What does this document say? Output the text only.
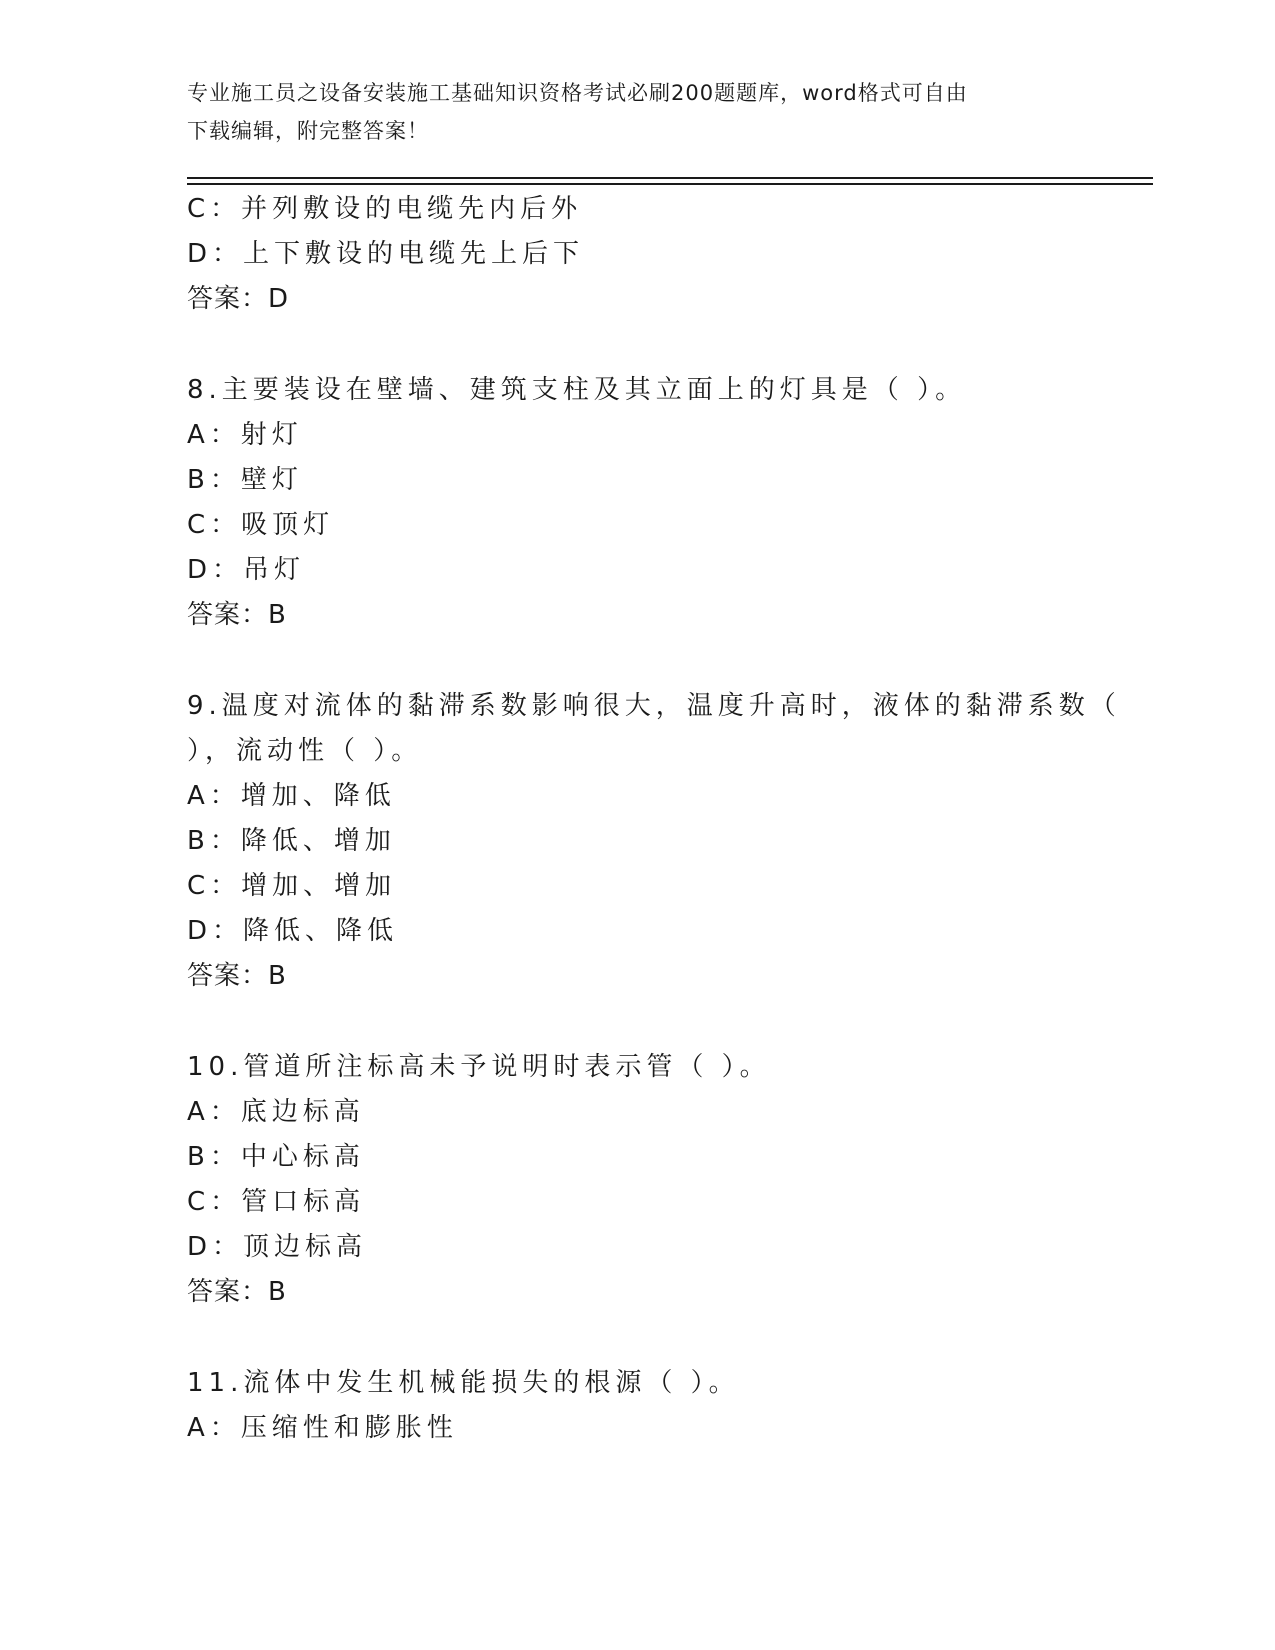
专业施工员之设备安装施工基础知识资格考试必刷200题题库，word格式可自由
下载编辑，附完整答案！
C：并列敷设的电缆先内后外
D：上下敷设的电缆先上后下
答案：D
8.主要装设在壁墙、建筑支柱及其立面上的灯具是（ ）。
A：射灯
B：壁灯
C：吸顶灯
D：吊灯
答案：B
9.温度对流体的黏滞系数影响很大，温度升高时，液体的黏滞系数（
），流动性（ ）。
A：增加、降低
B：降低、增加
C：增加、增加
D：降低、降低
答案：B
10.管道所注标高未予说明时表示管（ ）。
A：底边标高
B：中心标高
C：管口标高
D：顶边标高
答案：B
11.流体中发生机械能损失的根源（ ）。
A：压缩性和膨胀性
